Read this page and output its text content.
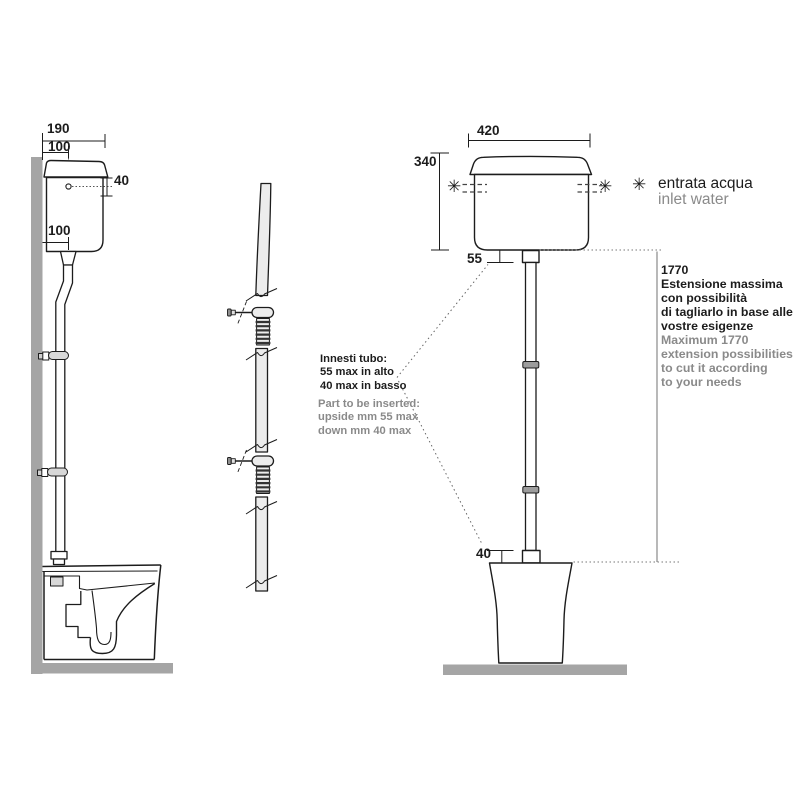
190
100
40
100
420
340
55
40
Innesti tubo:
55 max in alto
40 max in basso
Part to be inserted:
upside mm 55 max
down mm 40 max
✳	✳ ✳ entrata acqua
inlet water
1770
Estensione massima
con possibilità
di tagliarlo in base alle
vostre esigenze
Maximum 1770
extension possibilities
to cut it according
to your needs
